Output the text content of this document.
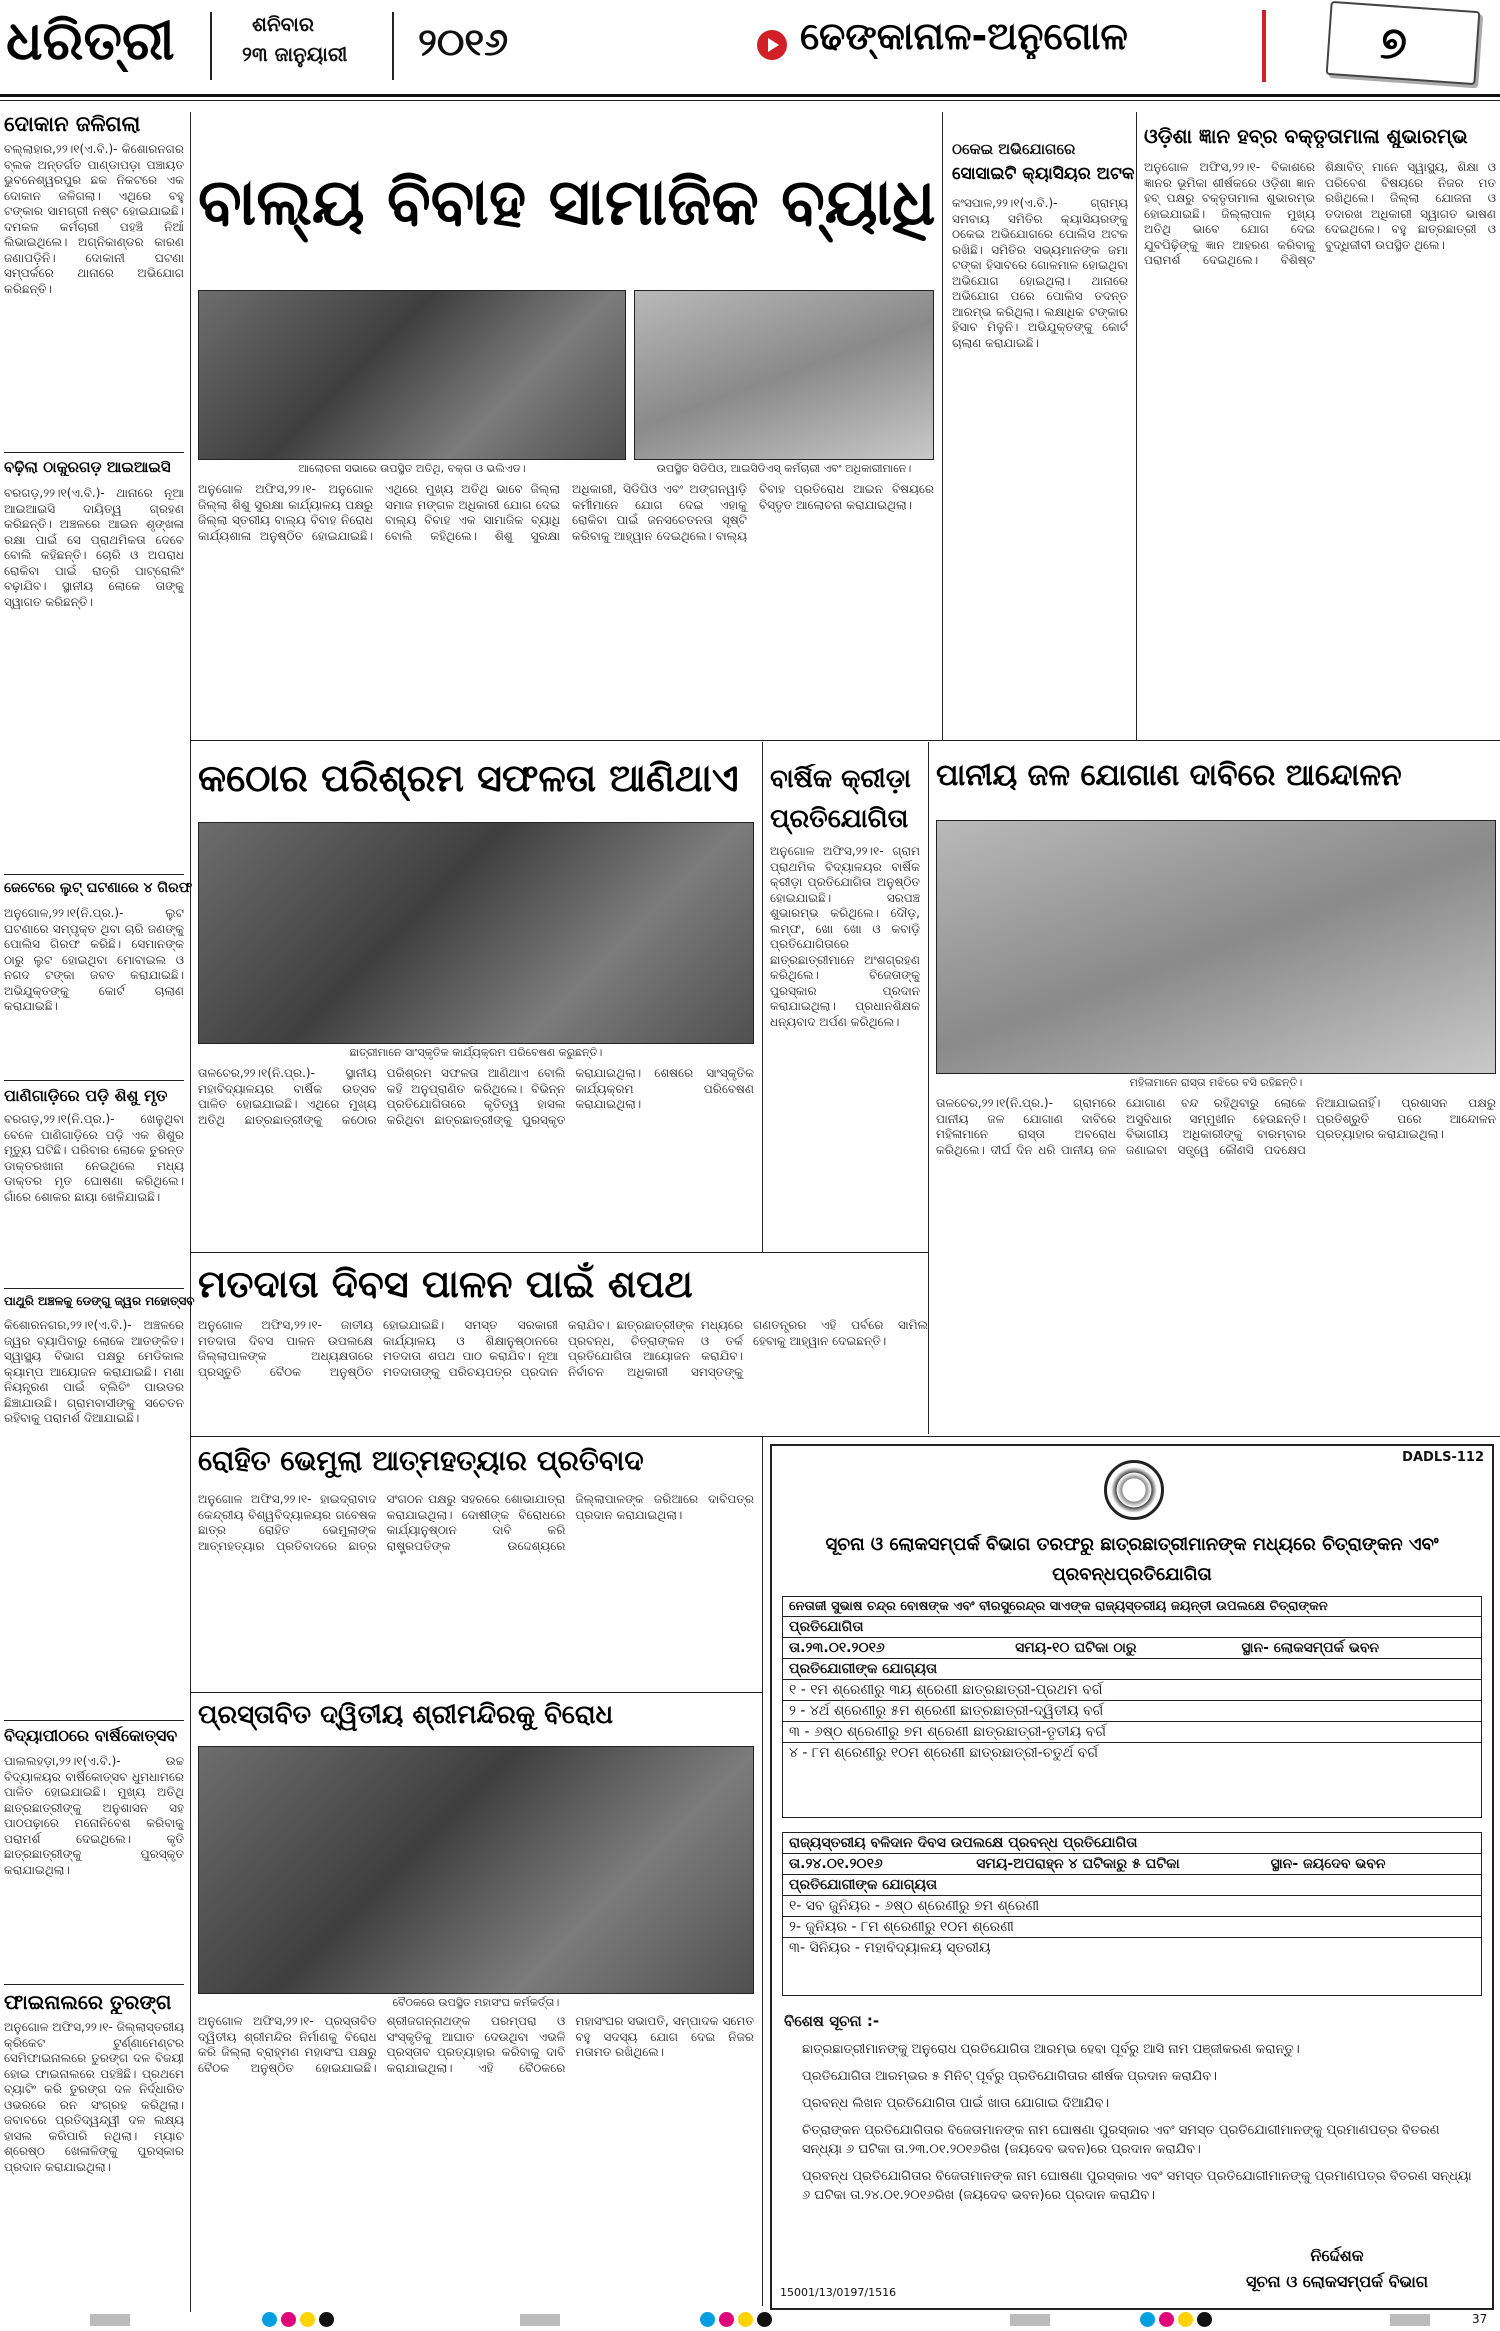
ଧରିତ୍ରୀ	ଶନିବାର
୨୩ ଜାନୁୟାରୀ ୨୦୧୬	ଢେଙ୍କାନାଳ-ଅନୁଗୋଳ	୭
ଦୋକାନ ଜଳିଗଲା
ବଲ୍ଲାହାର,୨୨।୧(ଏ.ବି.)- କିଶୋରନଗର ବ୍ଲକ ଅନ୍ତର୍ଗତ ପାଣ୍ଡାପଡ଼ା ପଞ୍ଚାୟତ ଭୁବନେଶ୍ୱରପୁର ଛକ ନିକଟରେ ଏକ ଦୋକାନ ଜଳିଗଲା। ଏଥିରେ ବହୁ ଟଙ୍କାର ସାମଗ୍ରୀ ନଷ୍ଟ ହୋଇଯାଇଛି। ଦମକଳ କର୍ମଚାରୀ ପହଞ୍ଚି ନିଆଁ ଲିଭାଇଥିଲେ। ଅଗ୍ନିକାଣ୍ଡର କାରଣ ଜଣାପଡ଼ିନି। ଦୋକାନୀ ଘଟଣା ସମ୍ପର୍କରେ ଥାନାରେ ଅଭିଯୋଗ କରିଛନ୍ତି।
ବଢ଼ିଲା ଠାକୁରଗଡ଼ ଆଇଆଇସି
ବରଗଡ଼,୨୨।୧(ଏ.ବି.)- ଥାନାରେ ନୂଆ ଆଇଆଇସି ଦାୟିତ୍ୱ ଗ୍ରହଣ କରିଛନ୍ତି। ଅଞ୍ଚଳରେ ଆଇନ ଶୃଙ୍ଖଳା ରକ୍ଷା ପାଇଁ ସେ ପ୍ରାଥମିକତା ଦେବେ ବୋଲି କହିଛନ୍ତି। ଚୋରି ଓ ଅପରାଧ ରୋକିବା ପାଇଁ ରାତ୍ରି ପାଟ୍ରୋଲିଂ ବଢ଼ାଯିବ। ସ୍ଥାନୀୟ ଲୋକେ ତାଙ୍କୁ ସ୍ୱାଗତ କରିଛନ୍ତି।
ଜେଟେରେ ଲୁଟ୍ ଘଟଣାରେ ୪ ଗିରଫ
ଅନୁଗୋଳ,୨୨।୧(ନି.ପ୍ର.)- ଲୁଟ ଘଟଣାରେ ସମ୍ପୃକ୍ତ ଥିବା ଚାରି ଜଣଙ୍କୁ ପୋଲିସ ଗିରଫ କରିଛି। ସେମାନଙ୍କ ଠାରୁ ଲୁଟ ହୋଇଥିବା ମୋବାଇଲ ଓ ନଗଦ ଟଙ୍କା ଜବତ କରାଯାଇଛି। ଅଭିଯୁକ୍ତଙ୍କୁ କୋର୍ଟ ଚାଲାଣ କରାଯାଇଛି।
ପାଣିଗାଡ଼ିରେ ପଡ଼ି ଶିଶୁ ମୃତ
ବରଗଡ଼,୨୨।୧(ନି.ପ୍ର.)- ଖେଳୁଥିବା ବେଳେ ପାଣିଗାଡ଼ିରେ ପଡ଼ି ଏକ ଶିଶୁର ମୃତ୍ୟୁ ଘଟିଛି। ପରିବାର ଲୋକେ ତୁରନ୍ତ ଡାକ୍ତରଖାନା ନେଇଥିଲେ ମଧ୍ୟ ଡାକ୍ତର ମୃତ ଘୋଷଣା କରିଥିଲେ। ଗାଁରେ ଶୋକର ଛାୟା ଖେଳିଯାଇଛି।
ପାଥୁରି ଅଞ୍ଚଳକୁ ଡେଙ୍ଗୁ ଜ୍ୱର ମହୋତ୍ସବ
କିଶୋରନଗର,୨୨।୧(ଏ.ବି.)- ଅଞ୍ଚଳରେ ଜ୍ୱର ବ୍ୟାପିବାରୁ ଲୋକେ ଆତଙ୍କିତ। ସ୍ୱାସ୍ଥ୍ୟ ବିଭାଗ ପକ୍ଷରୁ ମେଡିକାଲ କ୍ୟାମ୍ପ ଆୟୋଜନ କରାଯାଇଛି। ମଶା ନିୟନ୍ତ୍ରଣ ପାଇଁ ବ୍ଲିଚିଂ ପାଉଡର ଛିଞ୍ଚାଯାଉଛି। ଗ୍ରାମବାସୀଙ୍କୁ ସଚେତନ ରହିବାକୁ ପରାମର୍ଶ ଦିଆଯାଇଛି।
ବିଦ୍ୟାପୀଠରେ ବାର୍ଷିକୋତ୍ସବ
ପାଲଲହଡ଼ା,୨୨।୧(ଏ.ବି.)- ଉଚ୍ଚ ବିଦ୍ୟାଳୟର ବାର୍ଷିକୋତ୍ସବ ଧୁମଧାମରେ ପାଳିତ ହୋଇଯାଇଛି। ମୁଖ୍ୟ ଅତିଥି ଛାତ୍ରଛାତ୍ରୀଙ୍କୁ ଅନୁଶାସନ ସହ ପାଠପଢ଼ାରେ ମନୋନିବେଶ କରିବାକୁ ପରାମର୍ଶ ଦେଇଥିଲେ। କୃତି ଛାତ୍ରଛାତ୍ରୀଙ୍କୁ ପୁରସ୍କୃତ କରାଯାଇଥିଲା।
ଫାଇନାଲରେ ତୁରଙ୍ଗ
ଅନୁଗୋଳ ଅଫିସ,୨୨।୧- ଜିଲ୍ଲାସ୍ତରୀୟ କ୍ରିକେଟ ଟୁର୍ଣ୍ଣାମେଣ୍ଟର ସେମିଫାଇନାଲରେ ତୁରଙ୍ଗ ଦଳ ବିଜୟୀ ହୋଇ ଫାଇନାଲରେ ପହଞ୍ଚିଛି। ପ୍ରଥମେ ବ୍ୟାଟିଂ କରି ତୁରଙ୍ଗ ଦଳ ନିର୍ଦ୍ଧାରିତ ଓଭରରେ ରନ ସଂଗ୍ରହ କରିଥିଲା। ଜବାବରେ ପ୍ରତିଦ୍ୱନ୍ଦ୍ୱୀ ଦଳ ଲକ୍ଷ୍ୟ ହାସଲ କରିପାରି ନଥିଲା। ମ୍ୟାଚ ଶ୍ରେଷ୍ଠ ଖେଳାଳିଙ୍କୁ ପୁରସ୍କାର ପ୍ରଦାନ କରାଯାଇଥିଲା।
ବାଲ୍ୟ ବିବାହ ସାମାଜିକ ବ୍ୟାଧି
ଆଲୋଚନା ସଭାରେ ଉପସ୍ଥିତ ଅତିଥି, ବକ୍ତା ଓ ଭଲିଏଡ।	ଉପସ୍ଥିତ ସିଡିପିଓ, ଆଇସିଡିଏସ୍ କର୍ମଚାରୀ ଏବଂ ଅଧିକାରୀମାନେ।
ଅନୁଗୋଳ ଅଫିସ,୨୨।୧- ଅନୁଗୋଳ ଜିଲ୍ଲା ଶିଶୁ ସୁରକ୍ଷା କାର୍ଯ୍ୟାଳୟ ପକ୍ଷରୁ ଜିଲ୍ଲା ସ୍ତରୀୟ ବାଲ୍ୟ ବିବାହ ନିରୋଧ କାର୍ଯ୍ୟଶାଳା ଅନୁଷ୍ଠିତ ହୋଇଯାଇଛି। ଏଥିରେ ମୁଖ୍ୟ ଅତିଥି ଭାବେ ଜିଲ୍ଲା ସମାଜ ମଙ୍ଗଳ ଅଧିକାରୀ ଯୋଗ ଦେଇ ବାଲ୍ୟ ବିବାହ ଏକ ସାମାଜିକ ବ୍ୟାଧି ବୋଲି କହିଥିଲେ। ଶିଶୁ ସୁରକ୍ଷା ଅଧିକାରୀ, ସିଡିପିଓ ଏବଂ ଅଙ୍ଗନୱାଡ଼ି କର୍ମୀମାନେ ଯୋଗ ଦେଇ ଏହାକୁ ରୋକିବା ପାଇଁ ଜନସଚେତନତା ସୃଷ୍ଟି କରିବାକୁ ଆହ୍ୱାନ ଦେଇଥିଲେ। ବାଲ୍ୟ ବିବାହ ପ୍ରତିରୋଧ ଆଇନ ବିଷୟରେ ବିସ୍ତୃତ ଆଲୋଚନା କରାଯାଇଥିଲା।
ଠକେଇ ଅଭିଯୋଗରେ
ସୋସାଇଟି କ୍ୟାସିୟର ଅଟକ
କଂସପାଳ,୨୨।୧(ଏ.ବି.)- ଗ୍ରାମ୍ୟ ସମବାୟ ସମିତିର କ୍ୟାସିୟରଙ୍କୁ ଠକେଇ ଅଭିଯୋଗରେ ପୋଲିସ ଅଟକ ରଖିଛି। ସମିତିର ସଭ୍ୟମାନଙ୍କ ଜମା ଟଙ୍କା ହିସାବରେ ଗୋଳମାଳ ହୋଇଥିବା ଅଭିଯୋଗ ହୋଇଥିଲା। ଥାନାରେ ଅଭିଯୋଗ ପରେ ପୋଲିସ ତଦନ୍ତ ଆରମ୍ଭ କରିଥିଲା। ଲକ୍ଷାଧିକ ଟଙ୍କାର ହିସାବ ମିଳୁନି। ଅଭିଯୁକ୍ତଙ୍କୁ କୋର୍ଟ ଚାଲାଣ କରାଯାଇଛି।
ଓଡ଼ିଶା ଜ୍ଞାନ ହବ୍‌ର ବକ୍ତୃତାମାଳା ଶୁଭାରମ୍ଭ
ଅନୁଗୋଳ ଅଫିସ,୨୨।୧- ବିକାଶରେ ଜ୍ଞାନର ଭୂମିକା ଶୀର୍ଷକରେ ଓଡ଼ିଶା ଜ୍ଞାନ ହବ୍ ପକ୍ଷରୁ ବକ୍ତୃତାମାଳା ଶୁଭାରମ୍ଭ ହୋଇଯାଇଛି। ଜିଲ୍ଲାପାଳ ମୁଖ୍ୟ ଅତିଥି ଭାବେ ଯୋଗ ଦେଇ ଯୁବପିଢ଼ିଙ୍କୁ ଜ୍ଞାନ ଆହରଣ କରିବାକୁ ପରାମର୍ଶ ଦେଇଥିଲେ। ବିଶିଷ୍ଟ ଶିକ୍ଷାବିତ୍ ମାନେ ସ୍ୱାସ୍ଥ୍ୟ, ଶିକ୍ଷା ଓ ପରିବେଶ ବିଷୟରେ ନିଜର ମତ ରଖିଥିଲେ। ଜିଲ୍ଲା ଯୋଜନା ଓ ତଦାରଖ ଅଧିକାରୀ ସ୍ୱାଗତ ଭାଷଣ ଦେଇଥିଲେ। ବହୁ ଛାତ୍ରଛାତ୍ରୀ ଓ ବୁଦ୍ଧିଜୀବୀ ଉପସ୍ଥିତ ଥିଲେ।
କଠୋର ପରିଶ୍ରମ ସଫଳତା ଆଣିଥାଏ
ଛାତ୍ରୀମାନେ ସାଂସ୍କୃତିକ କାର୍ଯ୍ୟକ୍ରମ ପରିବେଷଣ କରୁଛନ୍ତି।
ତାଳଚେର,୨୨।୧(ନି.ପ୍ର.)- ସ୍ଥାନୀୟ ମହାବିଦ୍ୟାଳୟର ବାର୍ଷିକ ଉତ୍ସବ ପାଳିତ ହୋଇଯାଇଛି। ଏଥିରେ ମୁଖ୍ୟ ଅତିଥି ଛାତ୍ରଛାତ୍ରୀଙ୍କୁ କଠୋର ପରିଶ୍ରମ ସଫଳତା ଆଣିଥାଏ ବୋଲି କହି ଅନୁପ୍ରାଣିତ କରିଥିଲେ। ବିଭିନ୍ନ ପ୍ରତିଯୋଗିତାରେ କୃତିତ୍ୱ ହାସଲ କରିଥିବା ଛାତ୍ରଛାତ୍ରୀଙ୍କୁ ପୁରସ୍କୃତ କରାଯାଇଥିଲା। ଶେଷରେ ସାଂସ୍କୃତିକ କାର୍ଯ୍ୟକ୍ରମ ପରିବେଷଣ କରାଯାଇଥିଲା।
ବାର୍ଷିକ କ୍ରୀଡ଼ା
ପ୍ରତିଯୋଗିତା
ଅନୁଗୋଳ ଅଫିସ,୨୨।୧- ଗ୍ରାମ ପ୍ରାଥମିକ ବିଦ୍ୟାଳୟର ବାର୍ଷିକ କ୍ରୀଡ଼ା ପ୍ରତିଯୋଗିତା ଅନୁଷ୍ଠିତ ହୋଇଯାଇଛି। ସରପଞ୍ଚ ଶୁଭାରମ୍ଭ କରିଥିଲେ। ଦୌଡ଼, ଲମ୍ଫ, ଖୋ ଖୋ ଓ କବାଡ଼ି ପ୍ରତିଯୋଗିତାରେ ଛାତ୍ରଛାତ୍ରୀମାନେ ଅଂଶଗ୍ରହଣ କରିଥିଲେ। ବିଜେତାଙ୍କୁ ପୁରସ୍କାର ପ୍ରଦାନ କରାଯାଇଥିଲା। ପ୍ରଧାନଶିକ୍ଷକ ଧନ୍ୟବାଦ ଅର୍ପଣ କରିଥିଲେ।
ପାନୀୟ ଜଳ ଯୋଗାଣ ଦାବିରେ ଆନ୍ଦୋଳନ
ମହିଳାମାନେ ରାସ୍ତା ମଝିରେ ବସି ରହିଛନ୍ତି।
ତାଳଚେର,୨୨।୧(ନି.ପ୍ର.)- ଗ୍ରାମରେ ପାନୀୟ ଜଳ ଯୋଗାଣ ଦାବିରେ ମହିଳାମାନେ ରାସ୍ତା ଅବରୋଧ କରିଥିଲେ। ଦୀର୍ଘ ଦିନ ଧରି ପାନୀୟ ଜଳ ଯୋଗାଣ ବନ୍ଦ ରହିଥିବାରୁ ଲୋକେ ଅସୁବିଧାର ସମ୍ମୁଖୀନ ହେଉଛନ୍ତି। ବିଭାଗୀୟ ଅଧିକାରୀଙ୍କୁ ବାରମ୍ବାର ଜଣାଇବା ସତ୍ତ୍ୱେ କୌଣସି ପଦକ୍ଷେପ ନିଆଯାଇନାହିଁ। ପ୍ରଶାସନ ପକ୍ଷରୁ ପ୍ରତିଶ୍ରୁତି ପରେ ଆନ୍ଦୋଳନ ପ୍ରତ୍ୟାହାର କରାଯାଇଥିଲା।
ମତଦାତା ଦିବସ ପାଳନ ପାଇଁ ଶପଥ
ଅନୁଗୋଳ ଅଫିସ,୨୨।୧- ଜାତୀୟ ମତଦାତା ଦିବସ ପାଳନ ଉପଲକ୍ଷେ ଜିଲ୍ଲାପାଳଙ୍କ ଅଧ୍ୟକ୍ଷତାରେ ପ୍ରସ୍ତୁତି ବୈଠକ ଅନୁଷ୍ଠିତ ହୋଇଯାଇଛି। ସମସ୍ତ ସରକାରୀ କାର୍ଯ୍ୟାଳୟ ଓ ଶିକ୍ଷାନୁଷ୍ଠାନରେ ମତଦାତା ଶପଥ ପାଠ କରାଯିବ। ନୂଆ ମତଦାତାଙ୍କୁ ପରିଚୟପତ୍ର ପ୍ରଦାନ କରାଯିବ। ଛାତ୍ରଛାତ୍ରୀଙ୍କ ମଧ୍ୟରେ ପ୍ରବନ୍ଧ, ଚିତ୍ରାଙ୍କନ ଓ ତର୍କ ପ୍ରତିଯୋଗିତା ଆୟୋଜନ କରାଯିବ। ନିର୍ବାଚନ ଅଧିକାରୀ ସମସ୍ତଙ୍କୁ ଗଣତନ୍ତ୍ରର ଏହି ପର୍ବରେ ସାମିଲ ହେବାକୁ ଆହ୍ୱାନ ଦେଇଛନ୍ତି।
ରୋହିତ ଭେମୁଲା ଆତ୍ମହତ୍ୟାର ପ୍ରତିବାଦ
ଅନୁଗୋଳ ଅଫିସ,୨୨।୧- ହାଇଦ୍ରାବାଦ କେନ୍ଦ୍ରୀୟ ବିଶ୍ୱବିଦ୍ୟାଳୟର ଗବେଷକ ଛାତ୍ର ରୋହିତ ଭେମୁଲାଙ୍କ ଆତ୍ମହତ୍ୟାର ପ୍ରତିବାଦରେ ଛାତ୍ର ସଂଗଠନ ପକ୍ଷରୁ ସହରରେ ଶୋଭାଯାତ୍ରା କରାଯାଇଥିଲା। ଦୋଷୀଙ୍କ ବିରୋଧରେ କାର୍ଯ୍ୟାନୁଷ୍ଠାନ ଦାବି କରି ରାଷ୍ଟ୍ରପତିଙ୍କ ଉଦ୍ଦେଶ୍ୟରେ ଜିଲ୍ଲାପାଳଙ୍କ ଜରିଆରେ ଦାବିପତ୍ର ପ୍ରଦାନ କରାଯାଇଥିଲା।
ପ୍ରସ୍ତାବିତ ଦ୍ୱିତୀୟ ଶ୍ରୀମନ୍ଦିରକୁ ବିରୋଧ
ବୈଠକରେ ଉପସ୍ଥିତ ମହାସଂଘ କର୍ମକର୍ତ୍ତା।
ଅନୁଗୋଳ ଅଫିସ,୨୨।୧- ପ୍ରସ୍ତାବିତ ଦ୍ୱିତୀୟ ଶ୍ରୀମନ୍ଦିର ନିର୍ମାଣକୁ ବିରୋଧ କରି ଜିଲ୍ଲା ବ୍ରାହ୍ମଣ ମହାସଂଘ ପକ୍ଷରୁ ବୈଠକ ଅନୁଷ୍ଠିତ ହୋଇଯାଇଛି। ଶ୍ରୀଜଗନ୍ନାଥଙ୍କ ପରମ୍ପରା ଓ ସଂସ୍କୃତିକୁ ଆଘାତ ଦେଉଥିବା ଏଭଳି ପ୍ରସ୍ତାବ ପ୍ରତ୍ୟାହାର କରିବାକୁ ଦାବି କରାଯାଇଥିଲା। ଏହି ବୈଠକରେ ମହାସଂଘର ସଭାପତି, ସମ୍ପାଦକ ସମେତ ବହୁ ସଦସ୍ୟ ଯୋଗ ଦେଇ ନିଜର ମତାମତ ରଖିଥିଲେ।
DADLS-112
ସୂଚନା ଓ ଲୋକସମ୍ପର୍କ ବିଭାଗ ତରଫରୁ ଛାତ୍ରଛାତ୍ରୀମାନଙ୍କ ମଧ୍ୟରେ ଚିତ୍ରାଙ୍କନ ଏବଂ
ପ୍ରବନ୍ଧପ୍ରତିଯୋଗିତା
ନେତାଜୀ ସୁଭାଷ ଚନ୍ଦ୍ର ବୋଷଙ୍କ ଏବଂ ବୀରସୁରେନ୍ଦ୍ର ସାଏଙ୍କ ରାଜ୍ୟସ୍ତରୀୟ ଜୟନ୍ତୀ ଉପଲକ୍ଷେ ଚିତ୍ରାଙ୍କନ
ପ୍ରତିଯୋଗିତା
ତା.୨୩.୦୧.୨୦୧୬	ସମୟ-୧୦ ଘଟିକା ଠାରୁ	ସ୍ଥାନ- ଲୋକସମ୍ପର୍କ ଭବନ
ପ୍ରତିଯୋଗୀଙ୍କ ଯୋଗ୍ୟତା
୧ - ୧ମ ଶ୍ରେଣୀରୁ ୩ୟ ଶ୍ରେଣୀ ଛାତ୍ରଛାତ୍ରୀ-ପ୍ରଥମ ବର୍ଗ
୨ - ୪ର୍ଥ ଶ୍ରେଣୀରୁ ୫ମ ଶ୍ରେଣୀ ଛାତ୍ରଛାତ୍ରୀ-ଦ୍ୱିତୀୟ ବର୍ଗ
୩ - ୬ଷ୍ଠ ଶ୍ରେଣୀରୁ ୭ମ ଶ୍ରେଣୀ ଛାତ୍ରଛାତ୍ରୀ-ତୃତୀୟ ବର୍ଗ
୪ - ୮ମ ଶ୍ରେଣୀରୁ ୧୦ମ ଶ୍ରେଣୀ ଛାତ୍ରଛାତ୍ରୀ-ଚତୁର୍ଥ ବର୍ଗ
ରାଜ୍ୟସ୍ତରୀୟ ବଳିଦାନ ଦିବସ ଉପଲକ୍ଷେ ପ୍ରବନ୍ଧ ପ୍ରତିଯୋଗିତା
ତା.୨୪.୦୧.୨୦୧୬	ସମୟ-ଅପରାହ୍ନ ୪ ଘଟିକାରୁ ୫ ଘଟିକା	ସ୍ଥାନ- ଜୟଦେବ ଭବନ
ପ୍ରତିଯୋଗୀଙ୍କ ଯୋଗ୍ୟତା
୧- ସବ ଜୁନିୟର - ୬ଷ୍ଠ ଶ୍ରେଣୀରୁ ୭ମ ଶ୍ରେଣୀ
୨- ଜୁନିୟର - ୮ମ ଶ୍ରେଣୀରୁ ୧୦ମ ଶ୍ରେଣୀ
୩- ସିନିୟର - ମହାବିଦ୍ୟାଳୟ ସ୍ତରୀୟ
ବିଶେଷ ସୂଚନା :-
ଛାତ୍ରଛାତ୍ରୀମାନଙ୍କୁ ଅନୁରୋଧ ପ୍ରତିଯୋଗିତା ଆରମ୍ଭ ହେବା ପୂର୍ବରୁ ଆସି ନାମ ପଞ୍ଜୀକରଣ କରାନ୍ତୁ।
ପ୍ରତିଯୋଗିତା ଆରମ୍ଭର ୫ ମିନିଟ୍ ପୂର୍ବରୁ ପ୍ରତିଯୋଗିତାର ଶୀର୍ଷକ ପ୍ରଦାନ କରାଯିବ।
ପ୍ରବନ୍ଧ ଲିଖନ ପ୍ରତିଯୋଗିତା ପାଇଁ ଖାତା ଯୋଗାଇ ଦିଆଯିବ।
ଚିତ୍ରାଙ୍କନ ପ୍ରତିଯୋଗିତାର ବିଜେତାମାନଙ୍କ ନାମ ଘୋଷଣା ପୁରସ୍କାର ଏବଂ ସମସ୍ତ ପ୍ରତିଯୋଗୀମାନଙ୍କୁ ପ୍ରମାଣପତ୍ର ବିତରଣ ସନ୍ଧ୍ୟା ୬ ଘଟିକା ତା.୨୩.୦୧.୨୦୧୬ରିଖ (ଜୟଦେବ ଭବନ)ରେ ପ୍ରଦାନ କରାଯିବ।
ପ୍ରବନ୍ଧ ପ୍ରତିଯୋଗିତାର ବିଜେତାମାନଙ୍କ ନାମ ଘୋଷଣା ପୁରସ୍କାର ଏବଂ ସମସ୍ତ ପ୍ରତିଯୋଗୀମାନଙ୍କୁ ପ୍ରମାଣପତ୍ର ବିତରଣ ସନ୍ଧ୍ୟା ୬ ଘଟିକା ତା.୨୪.୦୧.୨୦୧୬ରିଖ (ଜୟଦେବ ଭବନ)ରେ ପ୍ରଦାନ କରାଯିବ।
ନିର୍ଦ୍ଦେଶକ
ସୂଚନା ଓ ଲୋକସମ୍ପର୍କ ବିଭାଗ
15001/13/0197/1516
37
